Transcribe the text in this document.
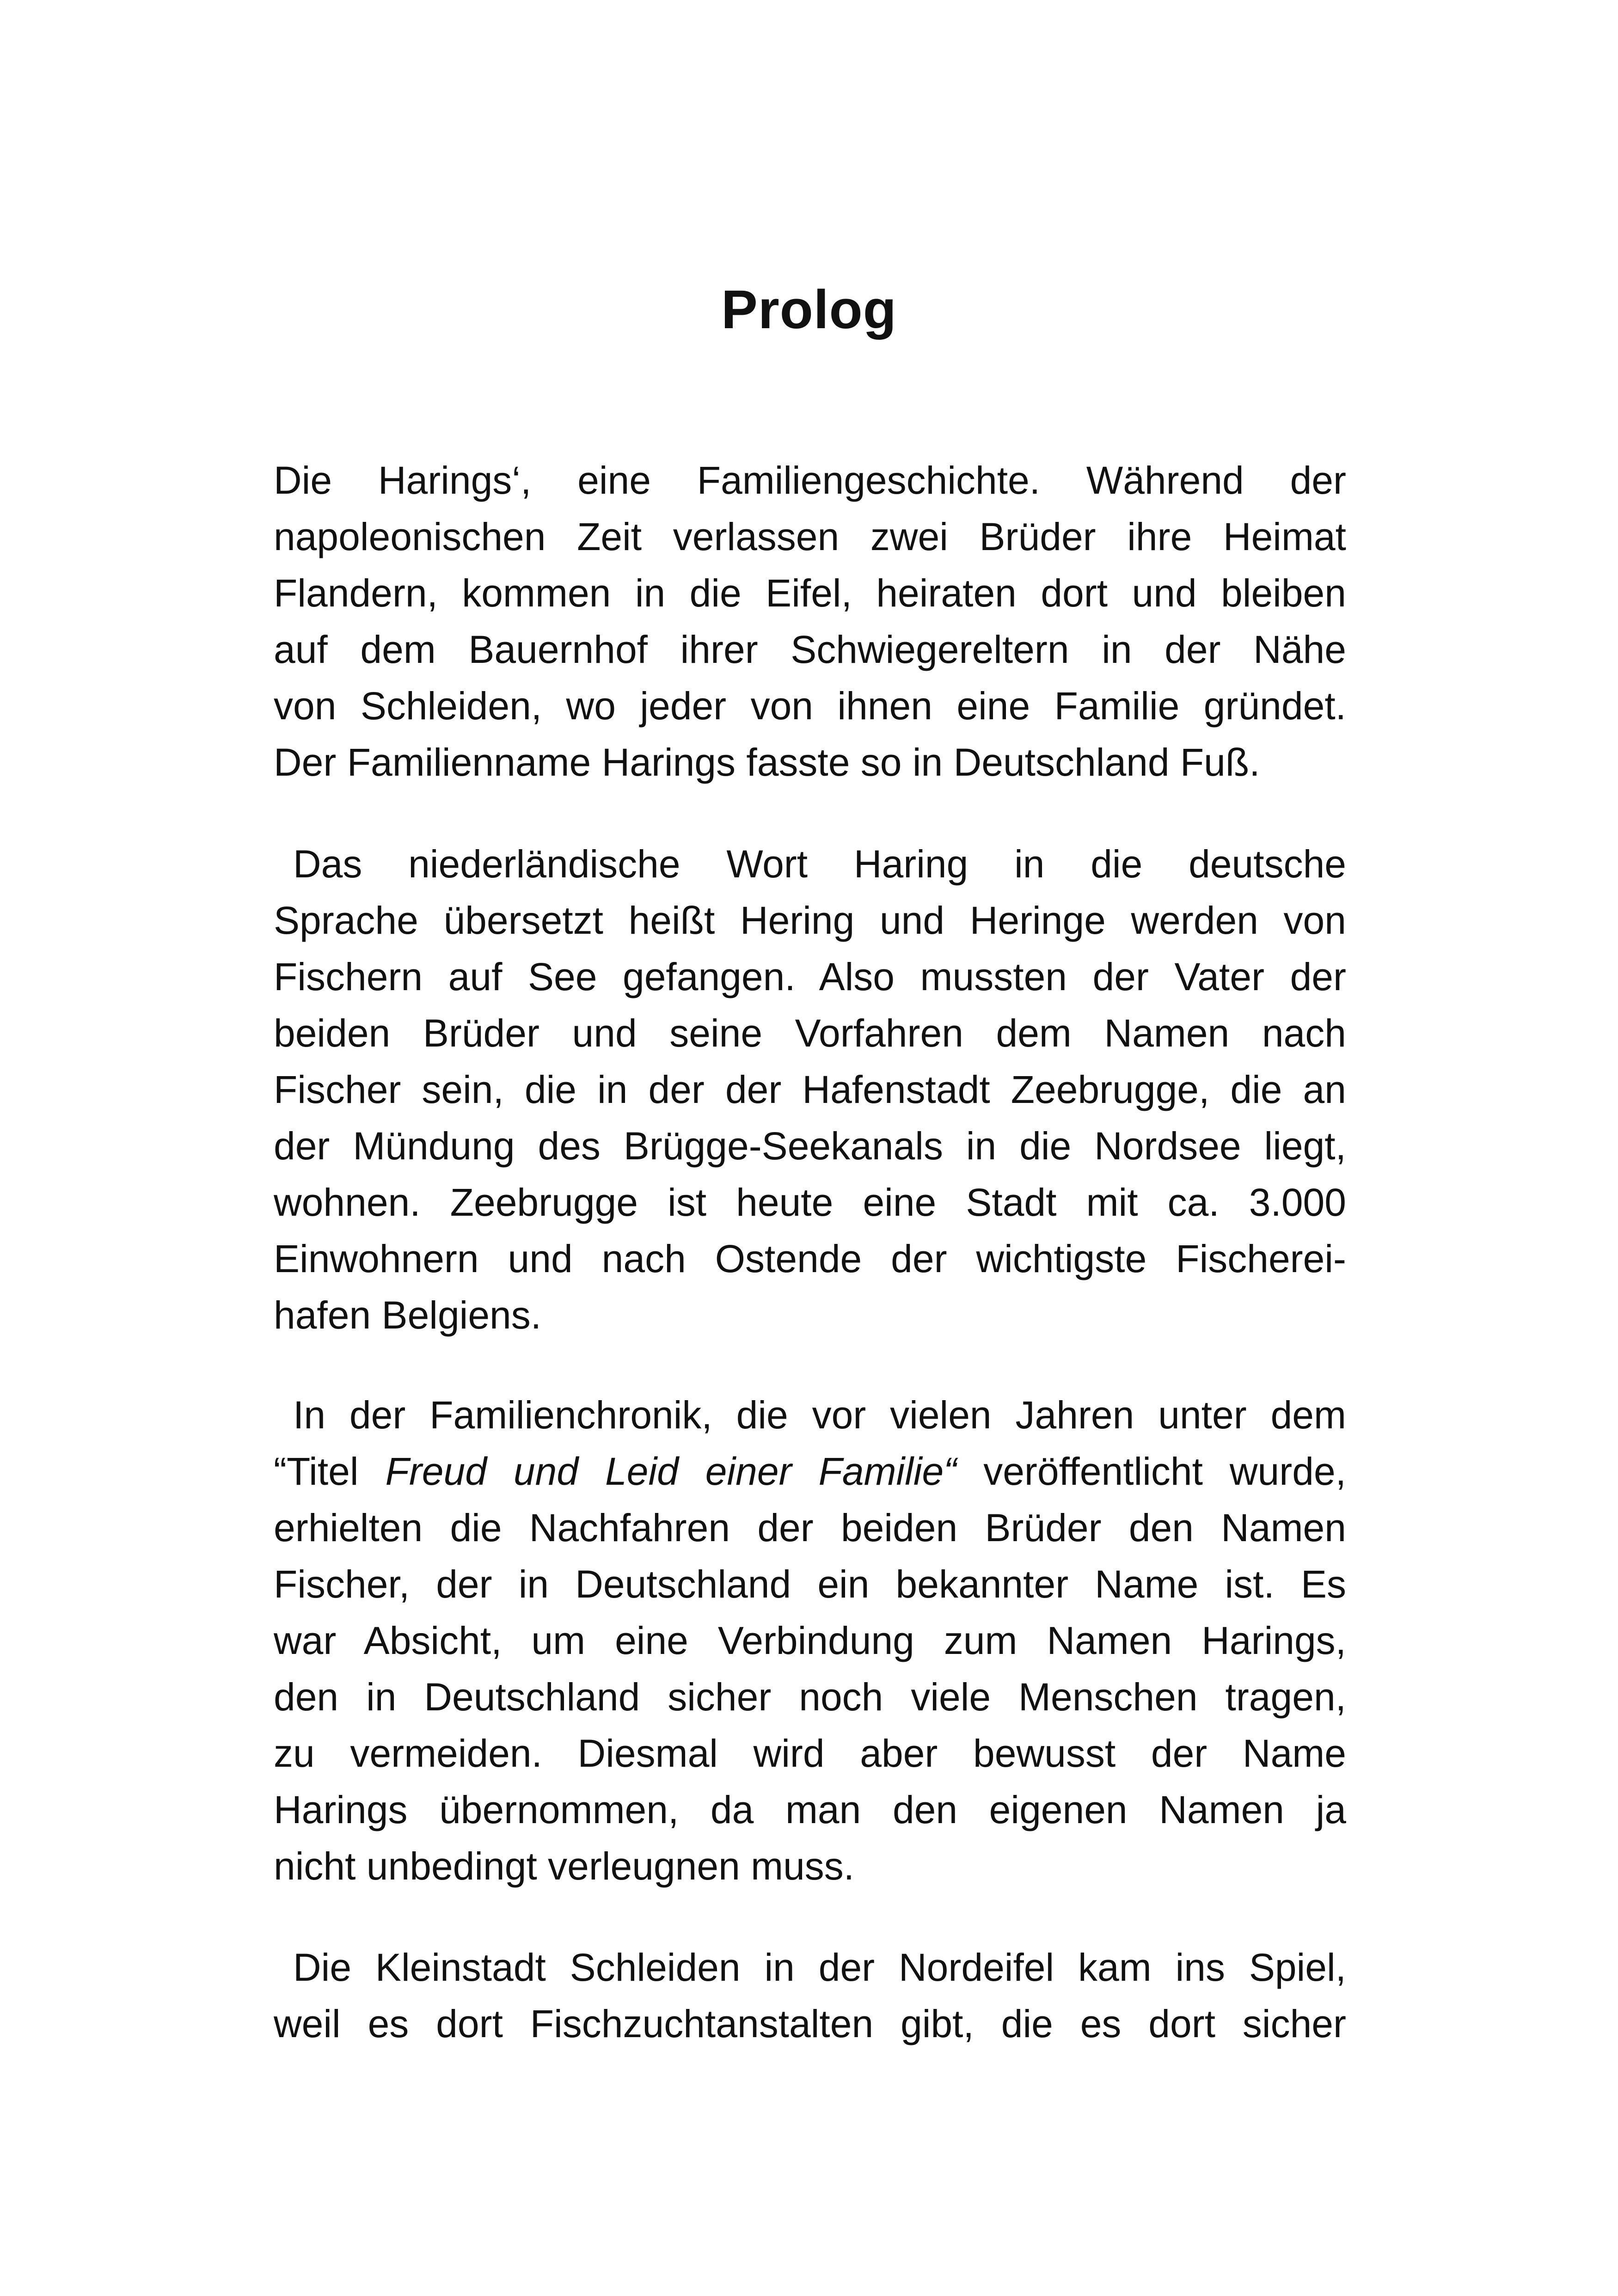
Prolog
Die Harings‘, eine Familiengeschichte. Während der
napoleonischen Zeit verlassen zwei Brüder ihre Heimat
Flandern, kommen in die Eifel, heiraten dort und bleiben
auf dem Bauernhof ihrer Schwiegereltern in der Nähe
von Schleiden, wo jeder von ihnen eine Familie gründet.
Der Familienname Harings fasste so in Deutschland Fuß.
Das niederländische Wort Haring in die deutsche
Sprache übersetzt heißt Hering und Heringe werden von
Fischern auf See gefangen. Also mussten der Vater der
beiden Brüder und seine Vorfahren dem Namen nach
Fischer sein, die in der der Hafenstadt Zeebrugge, die an
der Mündung des Brügge-Seekanals in die Nordsee liegt,
wohnen. Zeebrugge ist heute eine Stadt mit ca. 3.000
Einwohnern und nach Ostende der wichtigste Fischerei-
hafen Belgiens.
In der Familienchronik, die vor vielen Jahren unter dem
“Titel Freud und Leid einer Familie“ veröffentlicht wurde,
erhielten die Nachfahren der beiden Brüder den Namen
Fischer, der in Deutschland ein bekannter Name ist. Es
war Absicht, um eine Verbindung zum Namen Harings,
den in Deutschland sicher noch viele Menschen tragen,
zu vermeiden. Diesmal wird aber bewusst der Name
Harings übernommen, da man den eigenen Namen ja
nicht unbedingt verleugnen muss.
Die Kleinstadt Schleiden in der Nordeifel kam ins Spiel,
weil es dort Fischzuchtanstalten gibt, die es dort sicher
